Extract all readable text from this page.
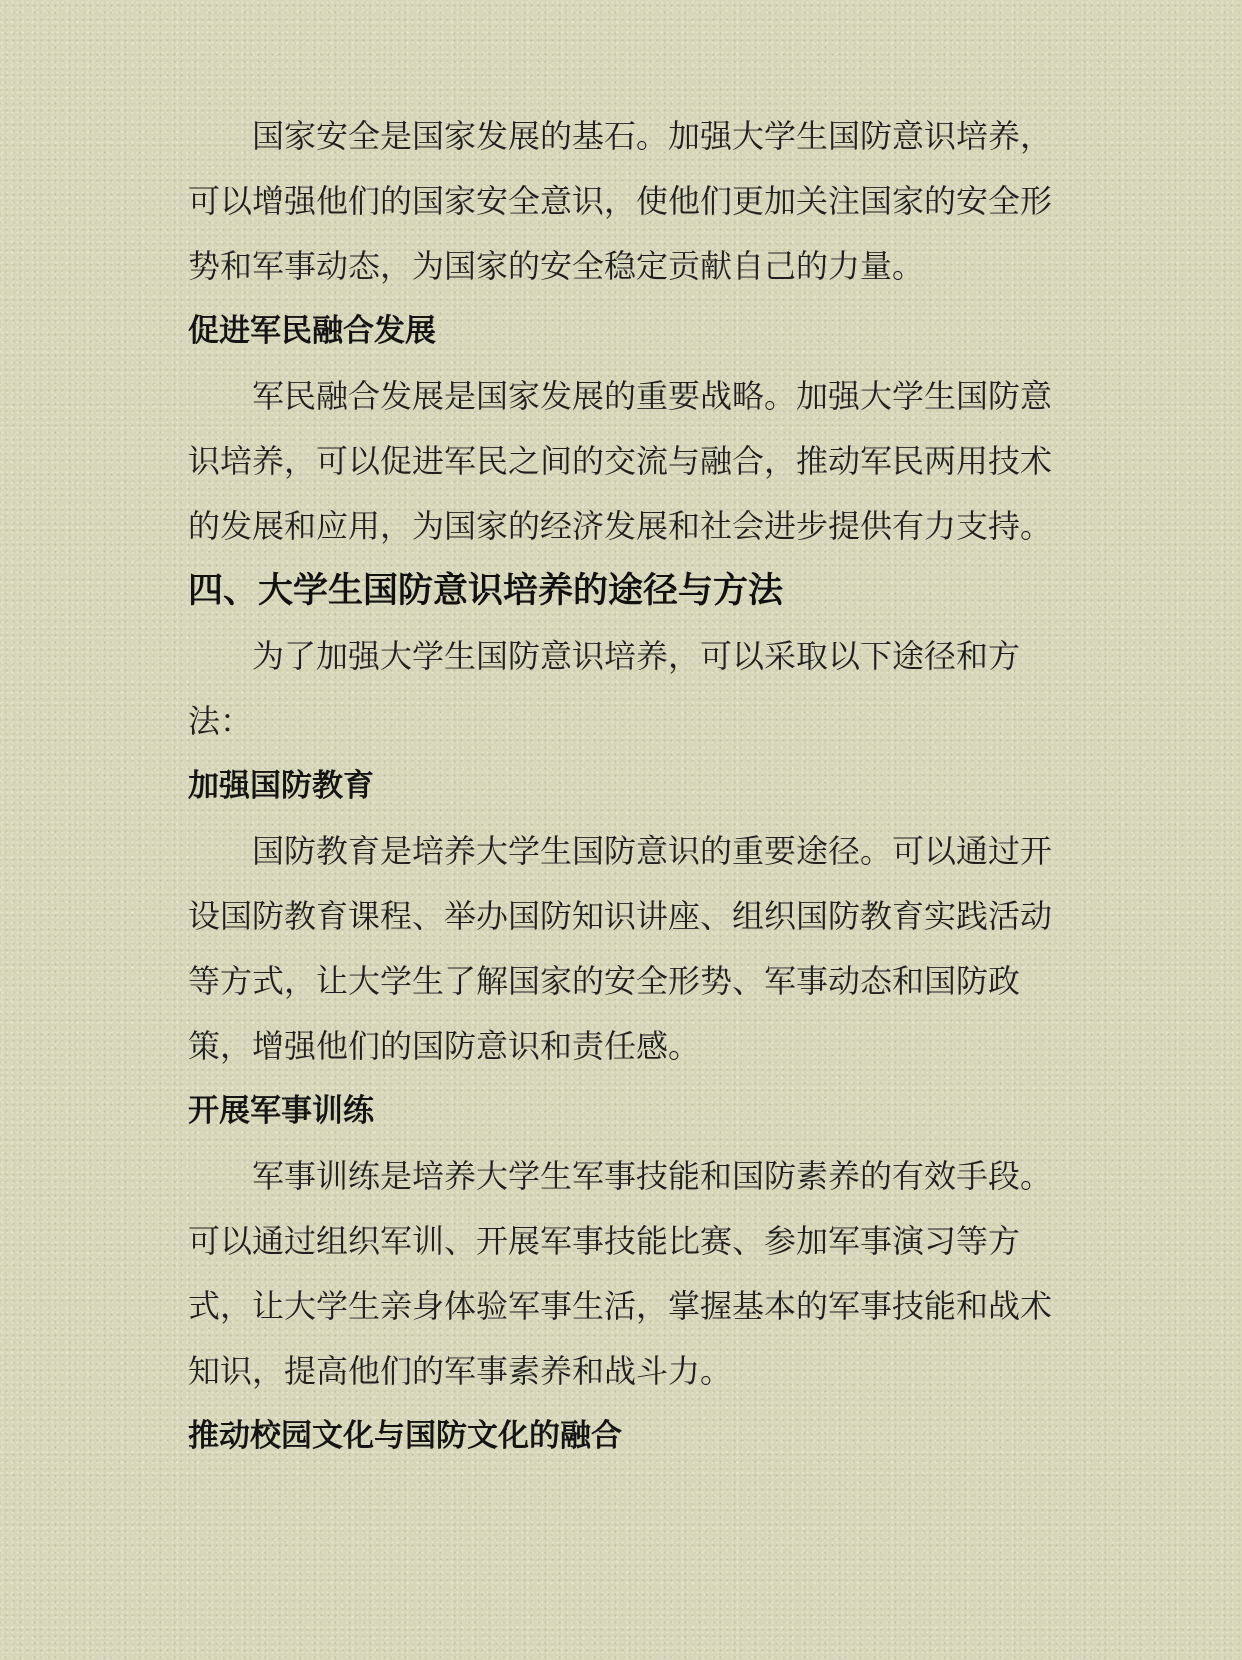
国家安全是国家发展的基石。加强大学生国防意识培养，可以增强他们的国家安全意识，使他们更加关注国家的安全形势和军事动态，为国家的安全稳定贡献自己的力量。

促进军民融合发展

军民融合发展是国家发展的重要战略。加强大学生国防意识培养，可以促进军民之间的交流与融合，推动军民两用技术的发展和应用，为国家的经济发展和社会进步提供有力支持。

四、大学生国防意识培养的途径与方法

为了加强大学生国防意识培养，可以采取以下途径和方法：

加强国防教育

国防教育是培养大学生国防意识的重要途径。可以通过开设国防教育课程、举办国防知识讲座、组织国防教育实践活动等方式，让大学生了解国家的安全形势、军事动态和国防政策，增强他们的国防意识和责任感。

开展军事训练

军事训练是培养大学生军事技能和国防素养的有效手段。可以通过组织军训、开展军事技能比赛、参加军事演习等方式，让大学生亲身体验军事生活，掌握基本的军事技能和战术知识，提高他们的军事素养和战斗力。

推动校园文化与国防文化的融合
